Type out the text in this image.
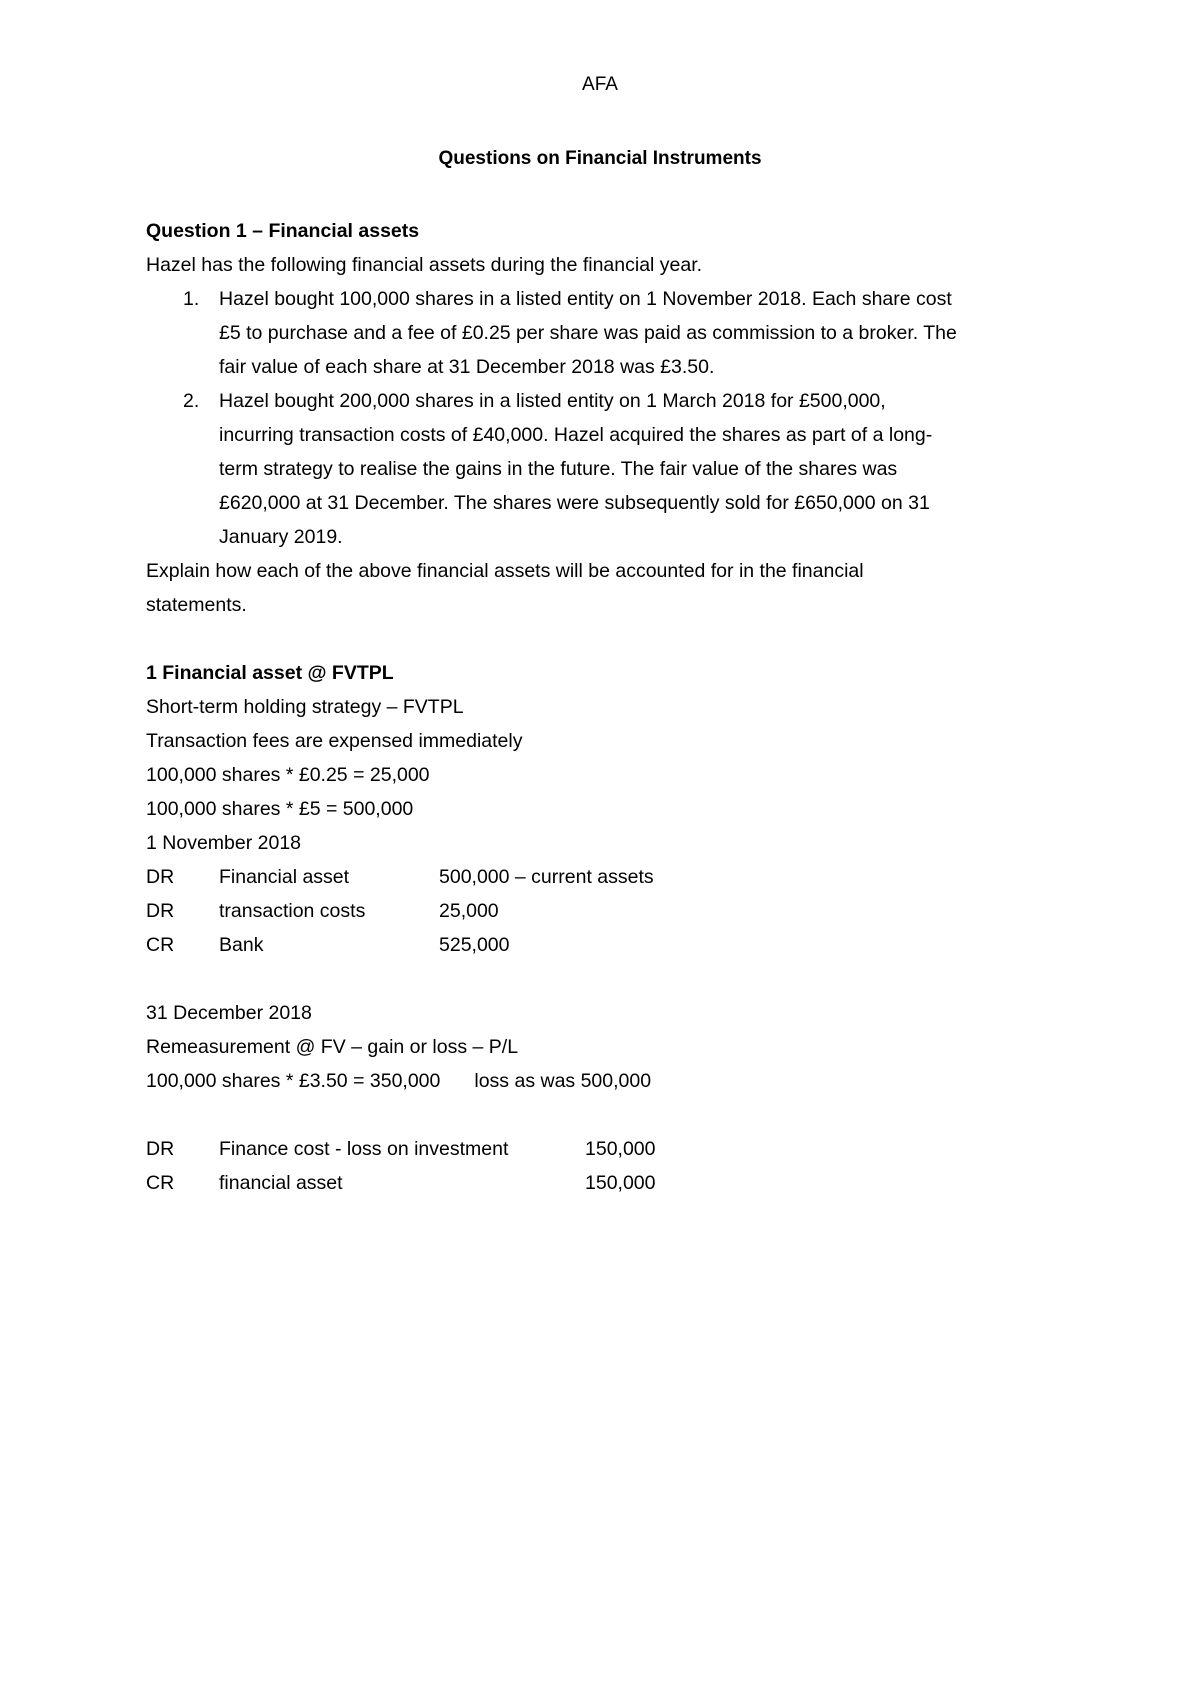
AFA
Questions on Financial Instruments
Question 1 – Financial assets
Hazel has the following financial assets during the financial year.
1. Hazel bought 100,000 shares in a listed entity on 1 November 2018. Each share cost
£5 to purchase and a fee of £0.25 per share was paid as commission to a broker. The
fair value of each share at 31 December 2018 was £3.50.
2. Hazel bought 200,000 shares in a listed entity on 1 March 2018 for £500,000,
incurring transaction costs of £40,000. Hazel acquired the shares as part of a long-
term strategy to realise the gains in the future. The fair value of the shares was
£620,000 at 31 December. The shares were subsequently sold for £650,000 on 31
January 2019.
Explain how each of the above financial assets will be accounted for in the financial
statements.
1 Financial asset @ FVTPL
Short-term holding strategy – FVTPL
Transaction fees are expensed immediately
100,000 shares * £0.25 = 25,000
100,000 shares * £5 = 500,000
1 November 2018
DR	Financial asset	500,000 – current assets
DR	transaction costs	25,000
CR	Bank	525,000
31 December 2018
Remeasurement @ FV – gain or loss – P/L
100,000 shares * £3.50 = 350,000 loss as was 500,000
DR	Finance cost - loss on investment	150,000
CR	financial asset	150,000
